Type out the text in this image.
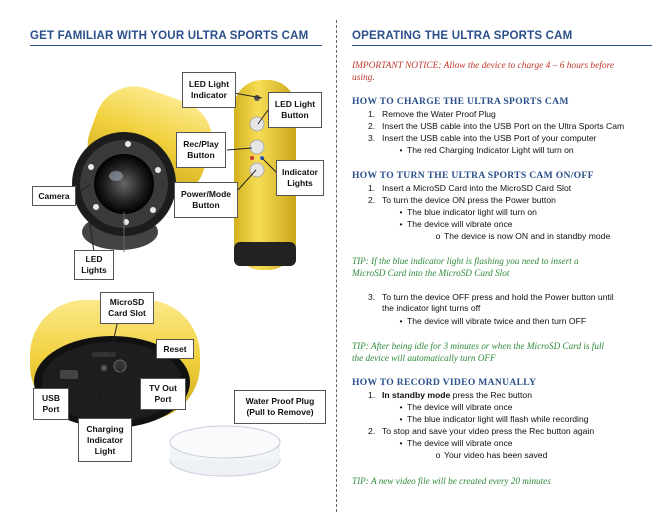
GET FAMILIAR WITH YOUR ULTRA SPORTS CAM
LED Light
Indicator
LED Light
Button
Rec/Play
Button
Indicator
Lights
Camera	Power/Mode
Button
LED
Lights
MicroSD
Card Slot
Reset
USB
Port
TV Out
Port
Charging
Indicator
Light
Water Proof Plug
(Pull to Remove)
OPERATING THE ULTRA SPORTS CAM
IMPORTANT NOTICE: Allow the device to charge 4 – 6 hours before
using.
HOW TO CHARGE THE ULTRA SPORTS CAM
1. Remove the Water Proof Plug
2. Insert the USB cable into the USB Port on the Ultra Sports Cam
3. Insert the USB cable into the USB Port of your computer
• The red Charging Indicator Light will turn on
HOW TO TURN THE ULTRA SPORTS CAM ON/OFF
1. Insert a MicroSD Card into the MicroSD Card Slot
2. To turn the device ON press the Power button
• The blue indicator light will turn on
• The device will vibrate once
o The device is now ON and in standby mode
TIP: If the blue indicator light is flashing you need to insert a
MicroSD Card into the MicroSD Card Slot
3. To turn the device OFF press and hold the Power button until
the indicator light turns off
• The device will vibrate twice and then turn OFF
TIP: After being idle for 3 minutes or when the MicroSD Card is full
the device will automatically turn OFF
HOW TO RECORD VIDEO MANUALLY
1. In standby mode press the Rec button
• The device will vibrate once
• The blue indicator light will flash while recording
2. To stop and save your video press the Rec button again
• The device will vibrate once
o Your video has been saved
TIP: A new video file will be created every 20 minutes
